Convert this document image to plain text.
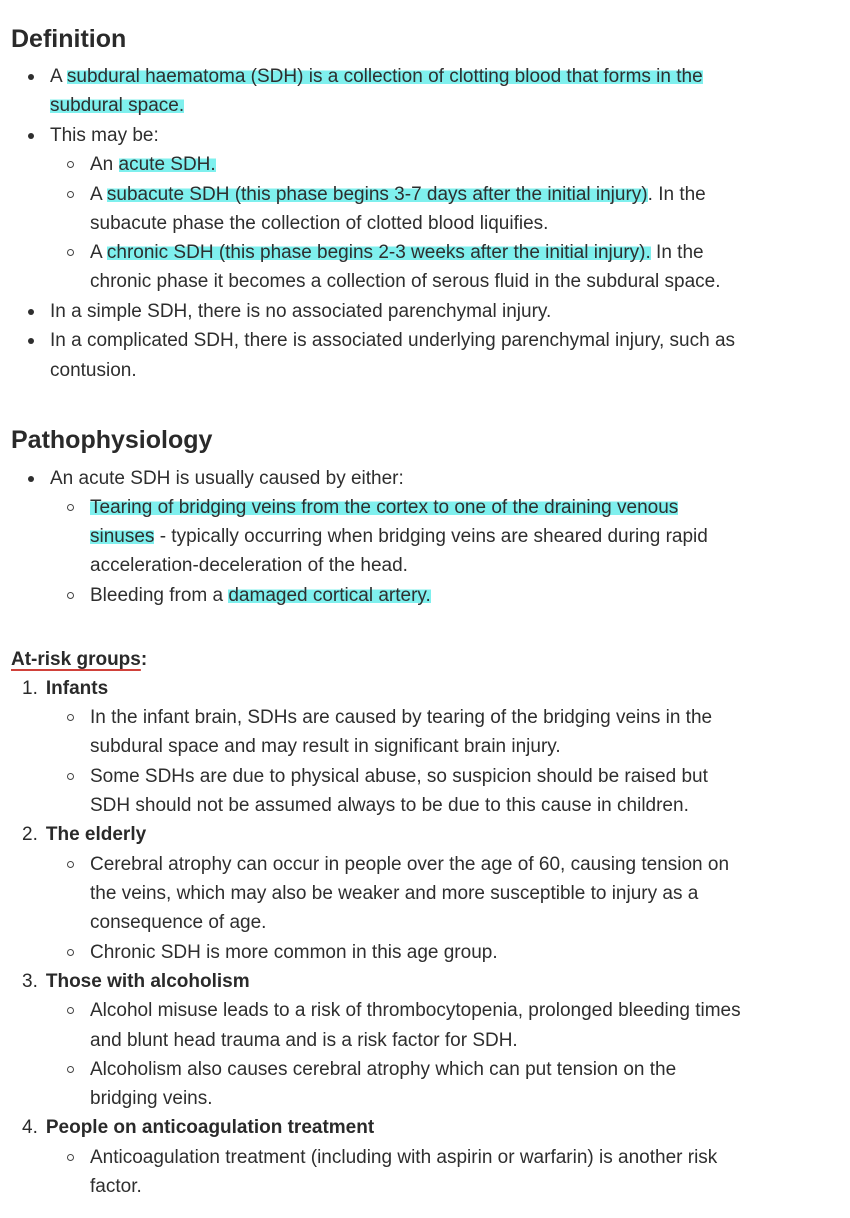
Definition
A subdural haematoma (SDH) is a collection of clotting blood that forms in the
subdural space.
This may be:
An acute SDH.
A subacute SDH (this phase begins 3-7 days after the initial injury). In the
subacute phase the collection of clotted blood liquifies.
A chronic SDH (this phase begins 2-3 weeks after the initial injury). In the
chronic phase it becomes a collection of serous fluid in the subdural space.
In a simple SDH, there is no associated parenchymal injury.
In a complicated SDH, there is associated underlying parenchymal injury, such as
contusion.
Pathophysiology
An acute SDH is usually caused by either:
Tearing of bridging veins from the cortex to one of the draining venous
sinuses - typically occurring when bridging veins are sheared during rapid
acceleration-deceleration of the head.
Bleeding from a damaged cortical artery.
At-risk groups:
1. Infants
In the infant brain, SDHs are caused by tearing of the bridging veins in the
subdural space and may result in significant brain injury.
Some SDHs are due to physical abuse, so suspicion should be raised but
SDH should not be assumed always to be due to this cause in children.
2. The elderly
Cerebral atrophy can occur in people over the age of 60, causing tension on
the veins, which may also be weaker and more susceptible to injury as a
consequence of age.
Chronic SDH is more common in this age group.
3. Those with alcoholism
Alcohol misuse leads to a risk of thrombocytopenia, prolonged bleeding times
and blunt head trauma and is a risk factor for SDH.
Alcoholism also causes cerebral atrophy which can put tension on the
bridging veins.
4. People on anticoagulation treatment
Anticoagulation treatment (including with aspirin or warfarin) is another risk
factor.
